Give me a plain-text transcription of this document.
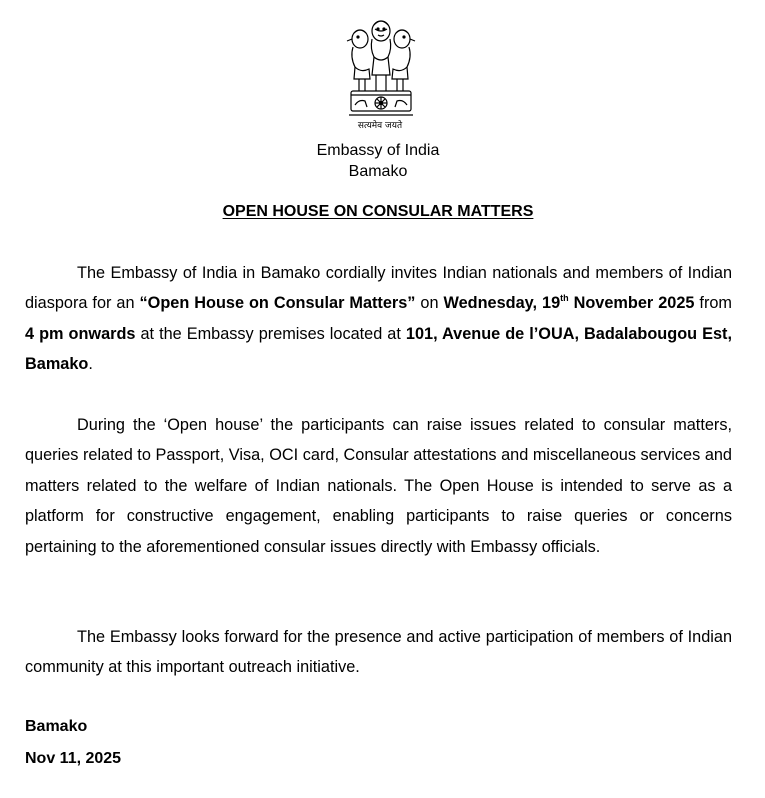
सत्यमेव जयते
Embassy of India
Bamako
OPEN HOUSE ON CONSULAR MATTERS

The Embassy of India in Bamako cordially invites Indian nationals and members of Indian diaspora for an “Open House on Consular Matters” on Wednesday, 19th November 2025 from 4 pm onwards at the Embassy premises located at 101, Avenue de l’OUA, Badalabougou Est, Bamako.

During the ‘Open house’ the participants can raise issues related to consular matters, queries related to Passport, Visa, OCI card, Consular attestations and miscellaneous services and matters related to the welfare of Indian nationals. The Open House is intended to serve as a platform for constructive engagement, enabling participants to raise queries or concerns pertaining to the aforementioned consular issues directly with Embassy officials.

The Embassy looks forward for the presence and active participation of members of Indian community at this important outreach initiative.

Bamako
Nov 11, 2025
